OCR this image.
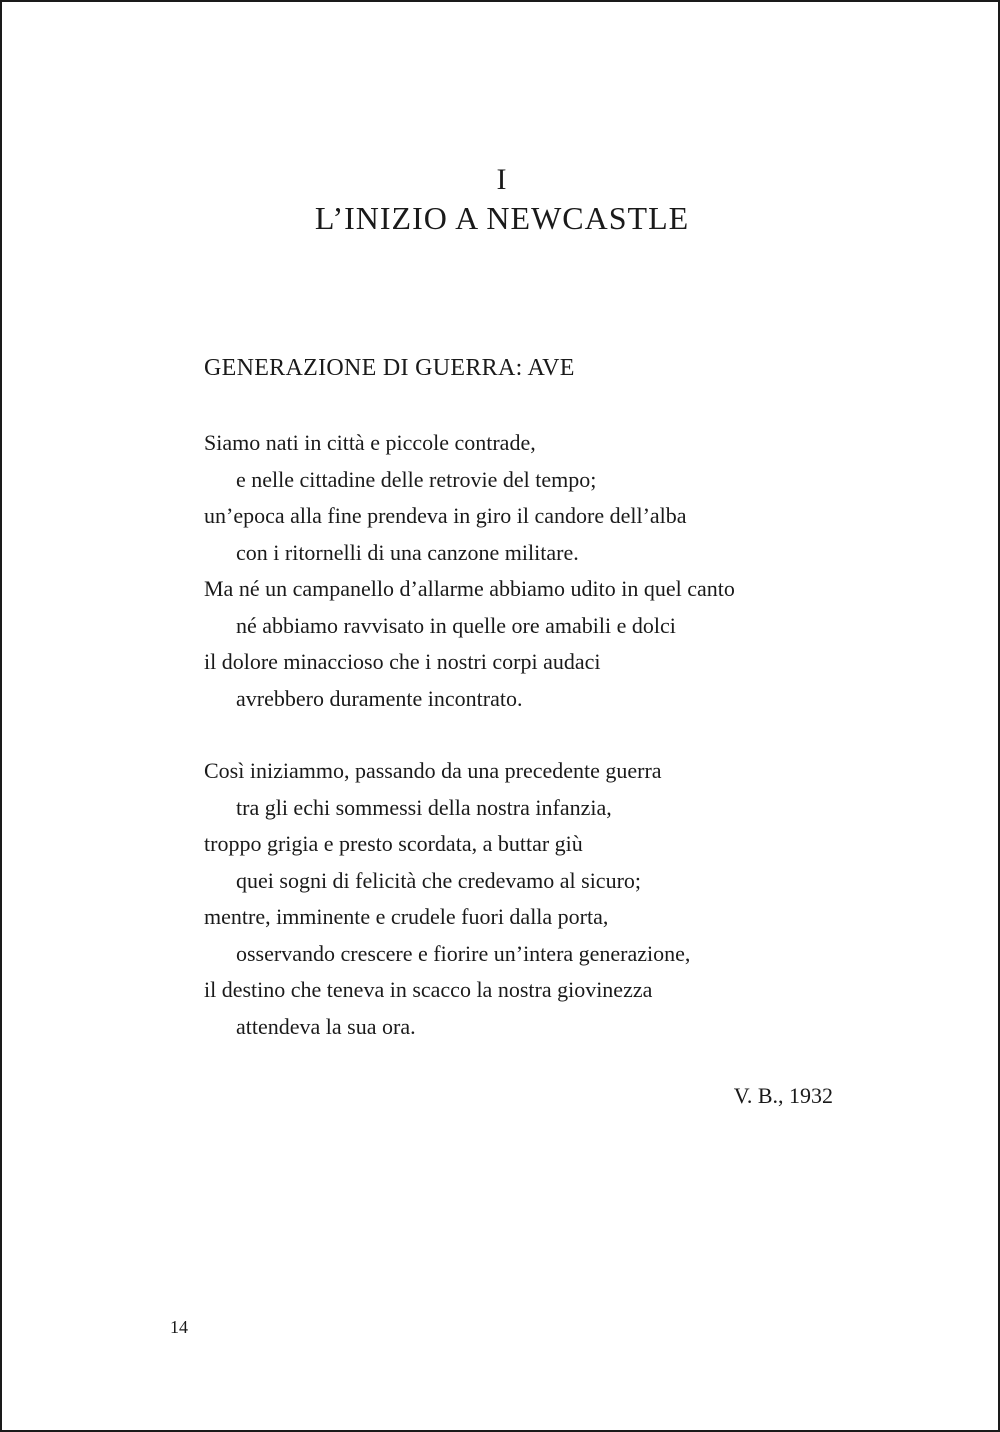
I
L’INIZIO A NEWCASTLE
GENERAZIONE DI GUERRA: AVE
Siamo nati in città e piccole contrade,
e nelle cittadine delle retrovie del tempo;
un’epoca alla fine prendeva in giro il candore dell’alba
con i ritornelli di una canzone militare.
Ma né un campanello d’allarme abbiamo udito in quel canto
né abbiamo ravvisato in quelle ore amabili e dolci
il dolore minaccioso che i nostri corpi audaci
avrebbero duramente incontrato.
Così iniziammo, passando da una precedente guerra
tra gli echi sommessi della nostra infanzia,
troppo grigia e presto scordata, a buttar giù
quei sogni di felicità che credevamo al sicuro;
mentre, imminente e crudele fuori dalla porta,
osservando crescere e fiorire un’intera generazione,
il destino che teneva in scacco la nostra giovinezza
attendeva la sua ora.
V. B., 1932
14
